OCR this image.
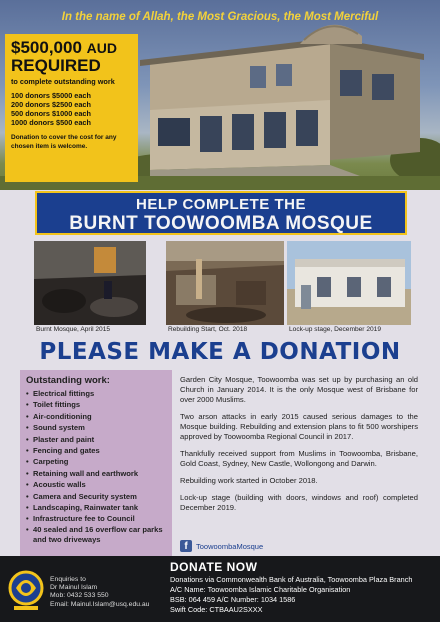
In the name of Allah, the Most Gracious, the Most Merciful
$500,000 AUD
REQUIRED
to complete outstanding work
100 donors $5000 each
200 donors $2500 each
500 donors $1000 each
1000 donors $500 each
Donation to cover the cost for any chosen item is welcome.
HELP COMPLETE THE
BURNT TOOWOOMBA MOSQUE
Burnt Mosque, April 2015	Rebuilding Start, Oct. 2018	Lock-up stage, December 2019
PLEASE MAKE A DONATION
Outstanding work:
• Electrical fittings
• Toilet fittings
• Air-conditioning
• Sound system
• Plaster and paint
• Fencing and gates
• Carpeting
• Retaining wall and earthwork
• Acoustic walls
• Camera and Security system
• Landscaping, Rainwater tank
• Infrastructure fee to Council
• 40 sealed and 16 overflow car parks and two driveways

Garden City Mosque, Toowoomba was set up by purchasing an old Church in January 2014. It is the only Mosque west of Brisbane for over 2000 Muslims.

Two arson attacks in early 2015 caused serious damages to the Mosque building. Rebuilding and extension plans to fit 500 worshipers approved by Toowoomba Regional Council in 2017.

Thankfully received support from Muslims in Toowoomba, Brisbane, Gold Coast, Sydney, New Castle, Wollongong and Darwin.

Rebuilding work started in October 2018.

Lock-up stage (building with doors, windows and roof) completed December 2019.

f	ToowoombaMosque
Enquiries to
Dr Mainul Islam
Mob: 0432 533 550
Email: Mainul.Islam@usq.edu.au
DONATE NOW
Donations via Commonwealth Bank of Australia, Toowoomba Plaza Branch
A/C Name: Toowoomba Islamic Charitable Organisation
BSB: 064 459 A/C Number: 1034 1586
Swift Code: CTBAAU2SXXX
